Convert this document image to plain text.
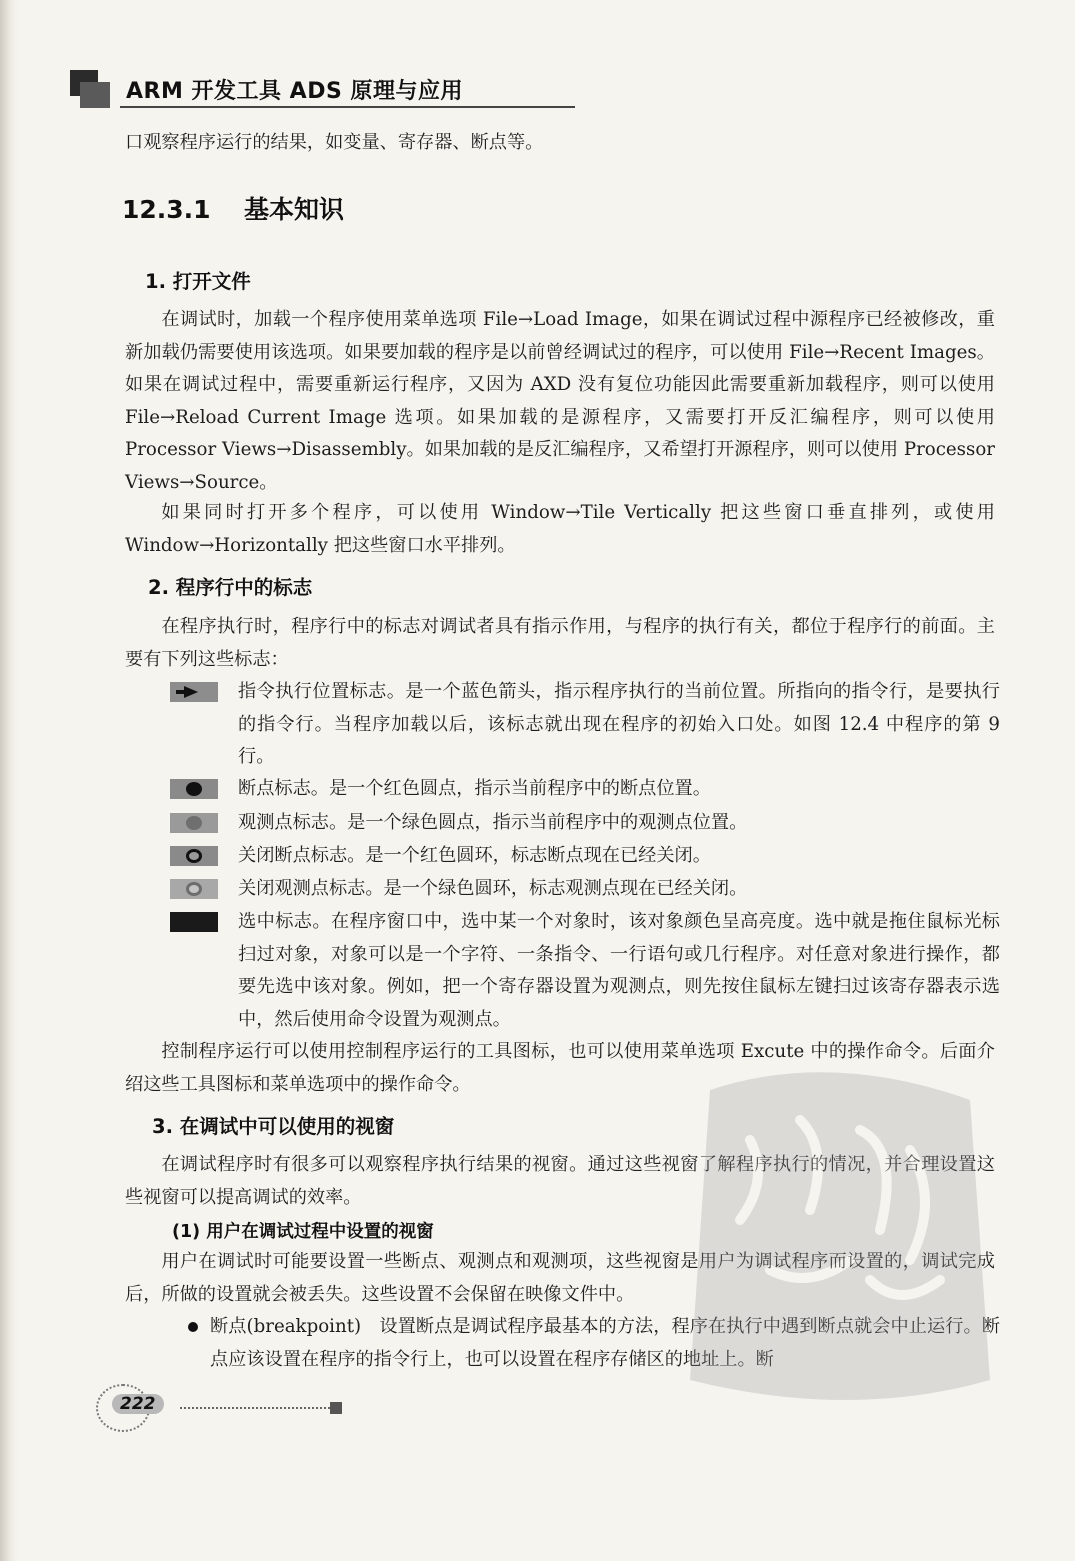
ARM 开发工具 ADS 原理与应用

口观察程序运行的结果，如变量、寄存器、断点等。

12.3.1 基本知识
1. 打开文件

在调试时，加载一个程序使用菜单选项 File→Load Image，如果在调试过程中源程序已经被修改，重新加载仍需要使用该选项。如果要加载的程序是以前曾经调试过的程序，可以使用 File→Recent Images。如果在调试过程中，需要重新运行程序，又因为 AXD 没有复位功能因此需要重新加载程序，则可以使用 File→Reload Current Image 选项。如果加载的是源程序，又需要打开反汇编程序，则可以使用 Processor Views→Disassembly。如果加载的是反汇编程序，又希望打开源程序，则可以使用 Processor Views→Source。

如果同时打开多个程序，可以使用 Window→Tile Vertically 把这些窗口垂直排列，或使用 Window→Horizontally 把这些窗口水平排列。

2. 程序行中的标志

在程序执行时，程序行中的标志对调试者具有指示作用，与程序的执行有关，都位于程序行的前面。主要有下列这些标志：

指令执行位置标志。是一个蓝色箭头，指示程序执行的当前位置。所指向的指令行，是要执行的指令行。当程序加载以后，该标志就出现在程序的初始入口处。如图 12.4 中程序的第 9 行。
断点标志。是一个红色圆点，指示当前程序中的断点位置。
观测点标志。是一个绿色圆点，指示当前程序中的观测点位置。
关闭断点标志。是一个红色圆环，标志断点现在已经关闭。
关闭观测点标志。是一个绿色圆环，标志观测点现在已经关闭。
选中标志。在程序窗口中，选中某一个对象时，该对象颜色呈高亮度。选中就是拖住鼠标光标扫过对象，对象可以是一个字符、一条指令、一行语句或几行程序。对任意对象进行操作，都要先选中该对象。例如，把一个寄存器设置为观测点，则先按住鼠标左键扫过该寄存器表示选中，然后使用命令设置为观测点。

控制程序运行可以使用控制程序运行的工具图标，也可以使用菜单选项 Excute 中的操作命令。后面介绍这些工具图标和菜单选项中的操作命令。

3. 在调试中可以使用的视窗

在调试程序时有很多可以观察程序执行结果的视窗。通过这些视窗了解程序执行的情况，并合理设置这些视窗可以提高调试的效率。

(1) 用户在调试过程中设置的视窗

用户在调试时可能要设置一些断点、观测点和观测项，这些视窗是用户为调试程序而设置的，调试完成后，所做的设置就会被丢失。这些设置不会保留在映像文件中。

断点(breakpoint)　设置断点是调试程序最基本的方法，程序在执行中遇到断点就会中止运行。断点应该设置在程序的指令行上，也可以设置在程序存储区的地址上。断
222
